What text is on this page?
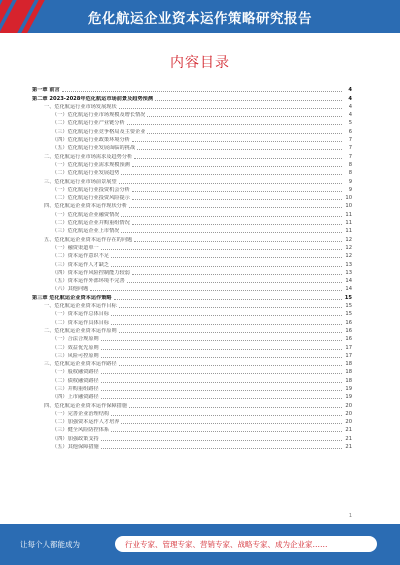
危化航运企业资本运作策略研究报告
内容目录
第一章 前言	4
第二章 2023-2028年危化航运市场前景及趋势预测	4
一、危化航运行业市场发展现状	4
（一）危化航运行业市场规模及增长情况	4
（二）危化航运行业产业链分析	5
（三）危化航运行业竞争格局及主要企业	6
（四）危化航运行业政策环境分析	7
（五）危化航运行业发展面临的挑战	7
二、危化航运行业市场需求及趋势分析	7
（一）危化航运行业需求规模预测	8
（二）危化航运行业发展趋势	8
三、危化航运行业市场前景展望	9
（一）危化航运行业投资机会分析	9
（二）危化航运行业投资风险提示	10
四、危化航运企业资本运作现状分析	10
（一）危化航运企业融资情况	11
（二）危化航运企业并购重组情况	11
（三）危化航运企业上市情况	11
五、危化航运企业资本运作存在的问题	12
（一）融资渠道单一	12
（二）资本运作意识不足	12
（三）资本运作人才缺乏	13
（四）资本运作风险控制能力较弱	13
（五）资本运作外部环境不完善	14
（六）其他问题	14
第三章 危化航运企业资本运作策略	15
一、危化航运企业资本运作目标	15
（一）资本运作总体目标	15
（二）资本运作具体目标	16
二、危化航运企业资本运作原则	16
（一）合法合规原则	16
（二）效益优先原则	17
（三）风险可控原则	17
三、危化航运企业资本运作路径	18
（一）股权融资路径	18
（二）债权融资路径	18
（三）并购重组路径	19
（四）上市融资路径	19
四、危化航运企业资本运作保障措施	20
（一）完善企业治理结构	20
（二）加强资本运作人才培养	20
（三）健全风险防控体系	21
（四）加强政策支持	21
（五）其他保障措施	21
1
让每个人都能成为	行业专家、管理专家、营销专家、战略专家、成为企业家……
